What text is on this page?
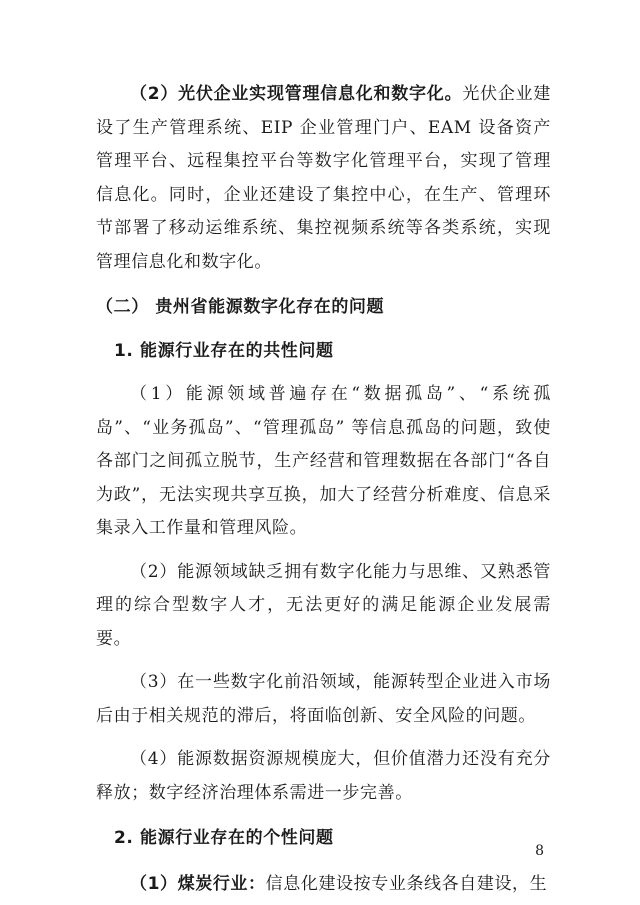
（2）光伏企业实现管理信息化和数字化。光伏企业建设了生产管理系统、EIP 企业管理门户、EAM 设备资产管理平台、远程集控平台等数字化管理平台，实现了管理信息化。同时，企业还建设了集控中心，在生产、管理环节部署了移动运维系统、集控视频系统等各类系统，实现管理信息化和数字化。

（二） 贵州省能源数字化存在的问题
1. 能源行业存在的共性问题

（1）能源领域普遍存在“数据孤岛”、“系统孤岛”、“业务孤岛”、“管理孤岛” 等信息孤岛的问题，致使各部门之间孤立脱节，生产经营和管理数据在各部门“各自为政”，无法实现共享互换，加大了经营分析难度、信息采集录入工作量和管理风险。

（2）能源领域缺乏拥有数字化能力与思维、又熟悉管理的综合型数字人才，无法更好的满足能源企业发展需要。

（3）在一些数字化前沿领域，能源转型企业进入市场后由于相关规范的滞后，将面临创新、安全风险的问题。

（4）能源数据资源规模庞大，但价值潜力还没有充分释放；数字经济治理体系需进一步完善。

2. 能源行业存在的个性问题

（1）煤炭行业：信息化建设按专业条线各自建设，生

8
